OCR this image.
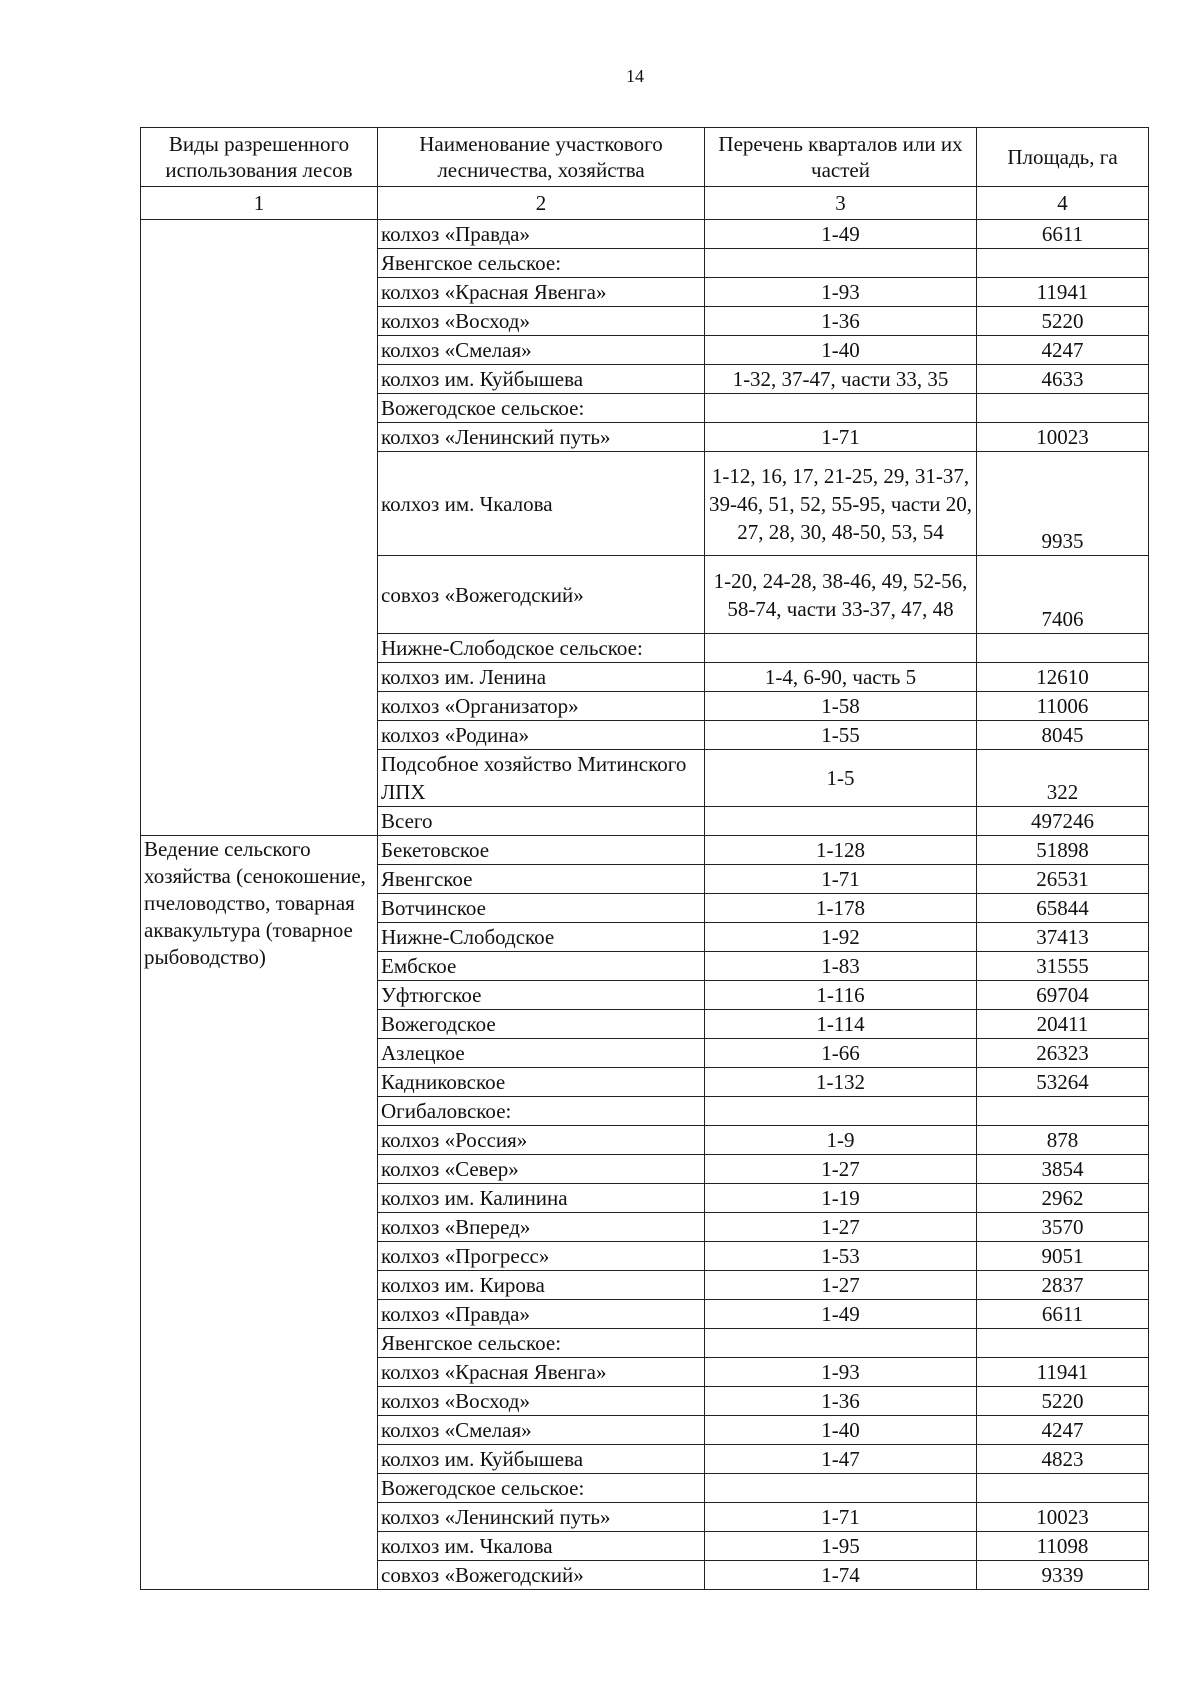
14
Виды разрешенного использования лесов	Наименование участкового лесничества, хозяйства	Перечень кварталов или их частей	Площадь, га
1	2	3	4
	колхоз «Правда»	1-49	6611
	Явенгское сельское:		
	колхоз «Красная Явенга»	1-93	11941
	колхоз «Восход»	1-36	5220
	колхоз «Смелая»	1-40	4247
	колхоз им. Куйбышева	1-32, 37-47, части 33, 35	4633
	Вожегодское сельское:		
	колхоз «Ленинский путь»	1-71	10023
	колхоз им. Чкалова	1-12, 16, 17, 21-25, 29, 31-37, 39-46, 51, 52, 55-95, части 20, 27, 28, 30, 48-50, 53, 54	9935
	совхоз «Вожегодский»	1-20, 24-28, 38-46, 49, 52-56, 58-74, части 33-37, 47, 48	7406
	Нижне-Слободское сельское:		
	колхоз им. Ленина	1-4, 6-90, часть 5	12610
	колхоз «Организатор»	1-58	11006
	колхоз «Родина»	1-55	8045
	Подсобное хозяйство Митинского ЛПХ	1-5	322
	Всего		497246
Ведение сельского хозяйства (сенокошение, пчеловодство, товарная аквакультура (товарное рыбоводство)	Бекетовское	1-128	51898
	Явенгское	1-71	26531
	Вотчинское	1-178	65844
	Нижне-Слободское	1-92	37413
	Ембское	1-83	31555
	Уфтюгское	1-116	69704
	Вожегодское	1-114	20411
	Азлецкое	1-66	26323
	Кадниковское	1-132	53264
	Огибаловское:		
	колхоз «Россия»	1-9	878
	колхоз «Север»	1-27	3854
	колхоз им. Калинина	1-19	2962
	колхоз «Вперед»	1-27	3570
	колхоз «Прогресс»	1-53	9051
	колхоз им. Кирова	1-27	2837
	колхоз «Правда»	1-49	6611
	Явенгское сельское:		
	колхоз «Красная Явенга»	1-93	11941
	колхоз «Восход»	1-36	5220
	колхоз «Смелая»	1-40	4247
	колхоз им. Куйбышева	1-47	4823
	Вожегодское сельское:		
	колхоз «Ленинский путь»	1-71	10023
	колхоз им. Чкалова	1-95	11098
	совхоз «Вожегодский»	1-74	9339
